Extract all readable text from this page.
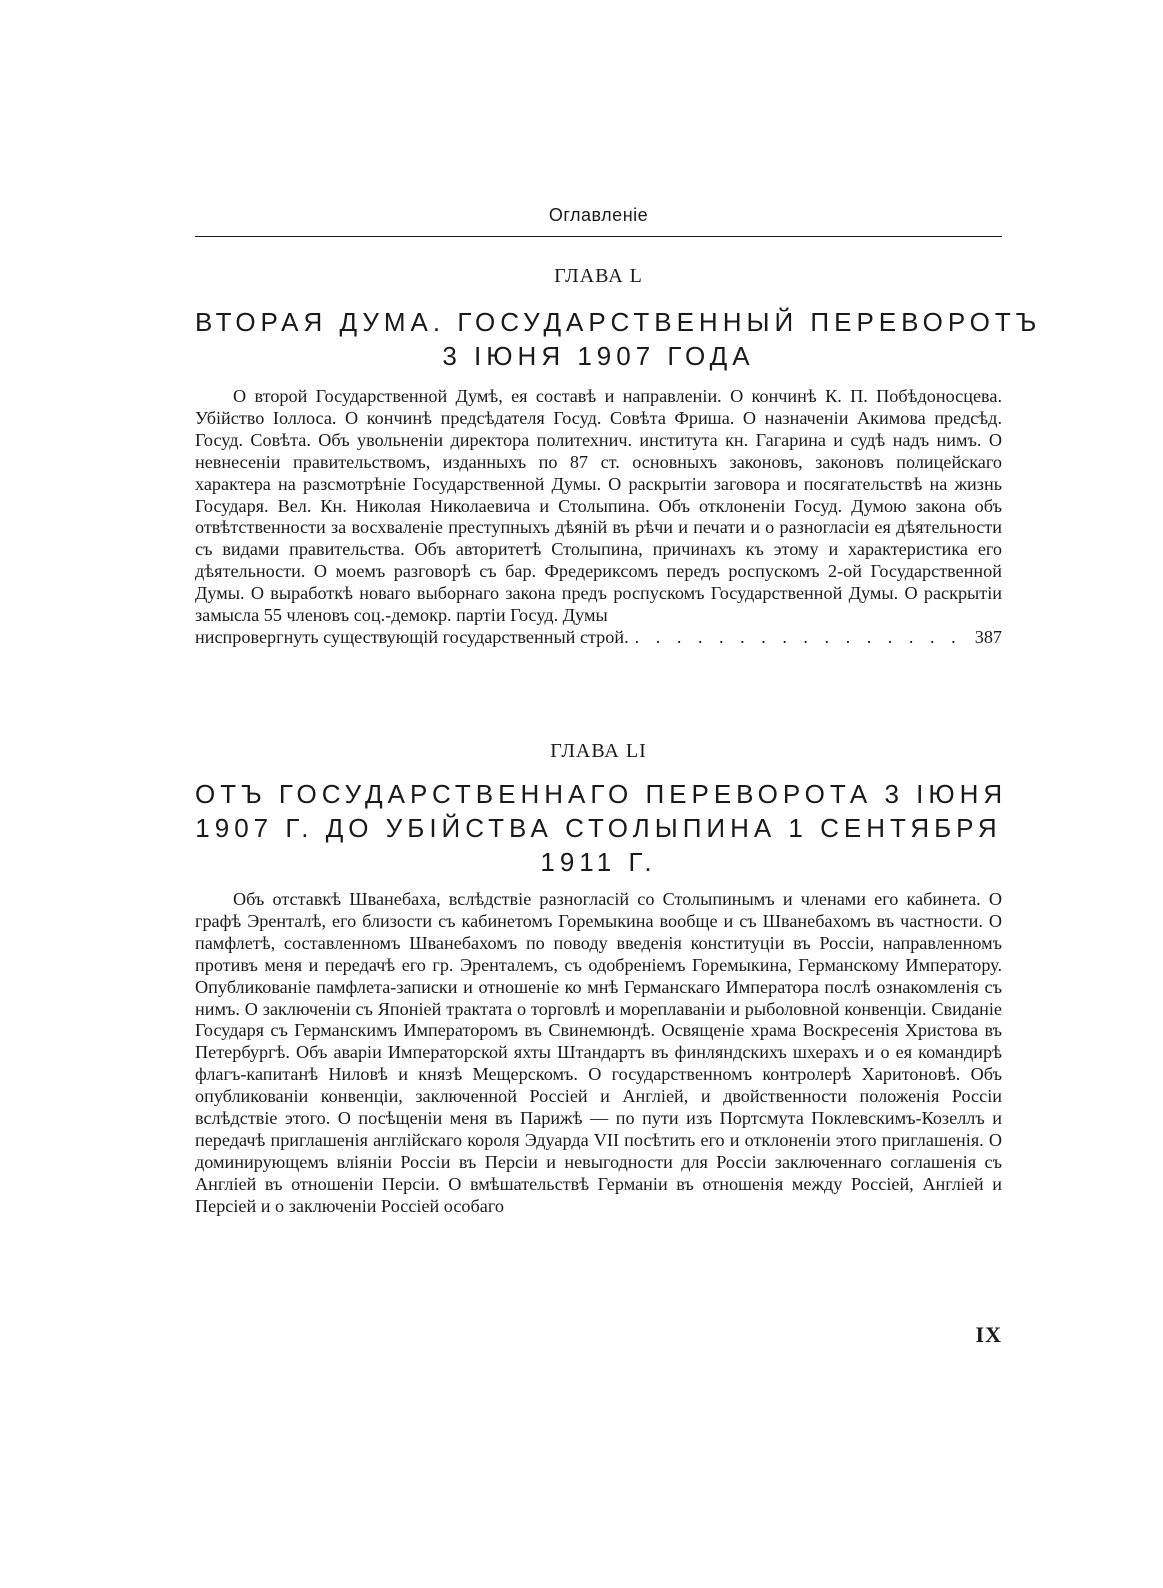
Оглавленіе
ГЛАВА L
ВТОРАЯ ДУМА. ГОСУДАРСТВЕННЫЙ ПЕРЕВОРОТЪ
3 ІЮНЯ 1907 ГОДА
О второй Государственной Думѣ, ея составѣ и направленіи. О кончинѣ К. П. Побѣдоносцева. Убійство Іоллоса. О кончинѣ предсѣдателя Госуд. Совѣта Фриша. О назначеніи Акимова предсѣд. Госуд. Совѣта. Объ увольненіи директора политехнич. института кн. Гагарина и судѣ надъ нимъ. О невнесеніи правительствомъ, изданныхъ по 87 ст. основныхъ законовъ, законовъ полицейскаго характера на разсмотрѣніе Государственной Думы. О раскрытіи заговора и посягательствѣ на жизнь Государя. Вел. Кн. Николая Николаевича и Столыпина. Объ отклоненіи Госуд. Думою закона объ отвѣтственности за восхваленіе преступныхъ дѣяній въ рѣчи и печати и о разногласіи ея дѣятельности съ видами правительства. Объ авторитетѣ Столыпина, причинахъ къ этому и характеристика его дѣятельности. О моемъ разговорѣ съ бар. Фредериксомъ передъ роспускомъ 2-ой Государственной Думы. О выработкѣ новаго выборнаго закона предъ роспускомъ Государственной Думы. О раскрытіи замысла 55 членовъ соц.-демокр. партіи Госуд. Думы
ниспровергнуть существующій государственный строй.
. . .	387
ГЛАВА LI
ОТЪ ГОСУДАРСТВЕННАГО ПЕРЕВОРОТА 3 ІЮНЯ
1907 Г. ДО УБІЙСТВА СТОЛЫПИНА 1 СЕНТЯБРЯ
1911 Г.
Объ отставкѣ Шванебаха, вслѣдствіе разногласій со Столыпинымъ и членами его кабинета. О графѣ Эренталѣ, его близости съ кабинетомъ Горемыкина вообще и съ Шванебахомъ въ частности. О памфлетѣ, составленномъ Шванебахомъ по поводу введенія конституціи въ Россіи, направленномъ противъ меня и передачѣ его гр. Эренталемъ, съ одобреніемъ Горемыкина, Германскому Императору. Опубликованіе памфлета-записки и отношеніе ко мнѣ Германскаго Императора послѣ ознакомленія съ нимъ. О заключеніи съ Японіей трактата о торговлѣ и мореплаваніи и рыболовной конвенціи. Свиданіе Государя съ Германскимъ Императоромъ въ Свинемюндѣ. Освященіе храма Воскресенія Христова въ Петербургѣ. Объ аваріи Императорской яхты Штандартъ въ финляндскихъ шхерахъ и о ея командирѣ флагъ-капитанѣ Ниловѣ и князѣ Мещерскомъ. О государственномъ контролерѣ Харитоновѣ. Объ опубликованіи конвенціи, заключенной Россіей и Англіей, и двойственности положенія Россіи вслѣдствіе этого. О посѣщеніи меня въ Парижѣ — по пути изъ Портсмута Поклевскимъ-Козеллъ и передачѣ приглашенія англійскаго короля Эдуарда VII посѣтить его и отклоненіи этого приглашенія. О доминирующемъ вліяніи Россіи въ Персіи и невыгодности для Россіи заключеннаго соглашенія съ Англіей въ отношеніи Персіи. О вмѣшательствѣ Германіи въ отношенія между Россіей, Англіей и Персіей и о заключеніи Россіей особаго
IX
